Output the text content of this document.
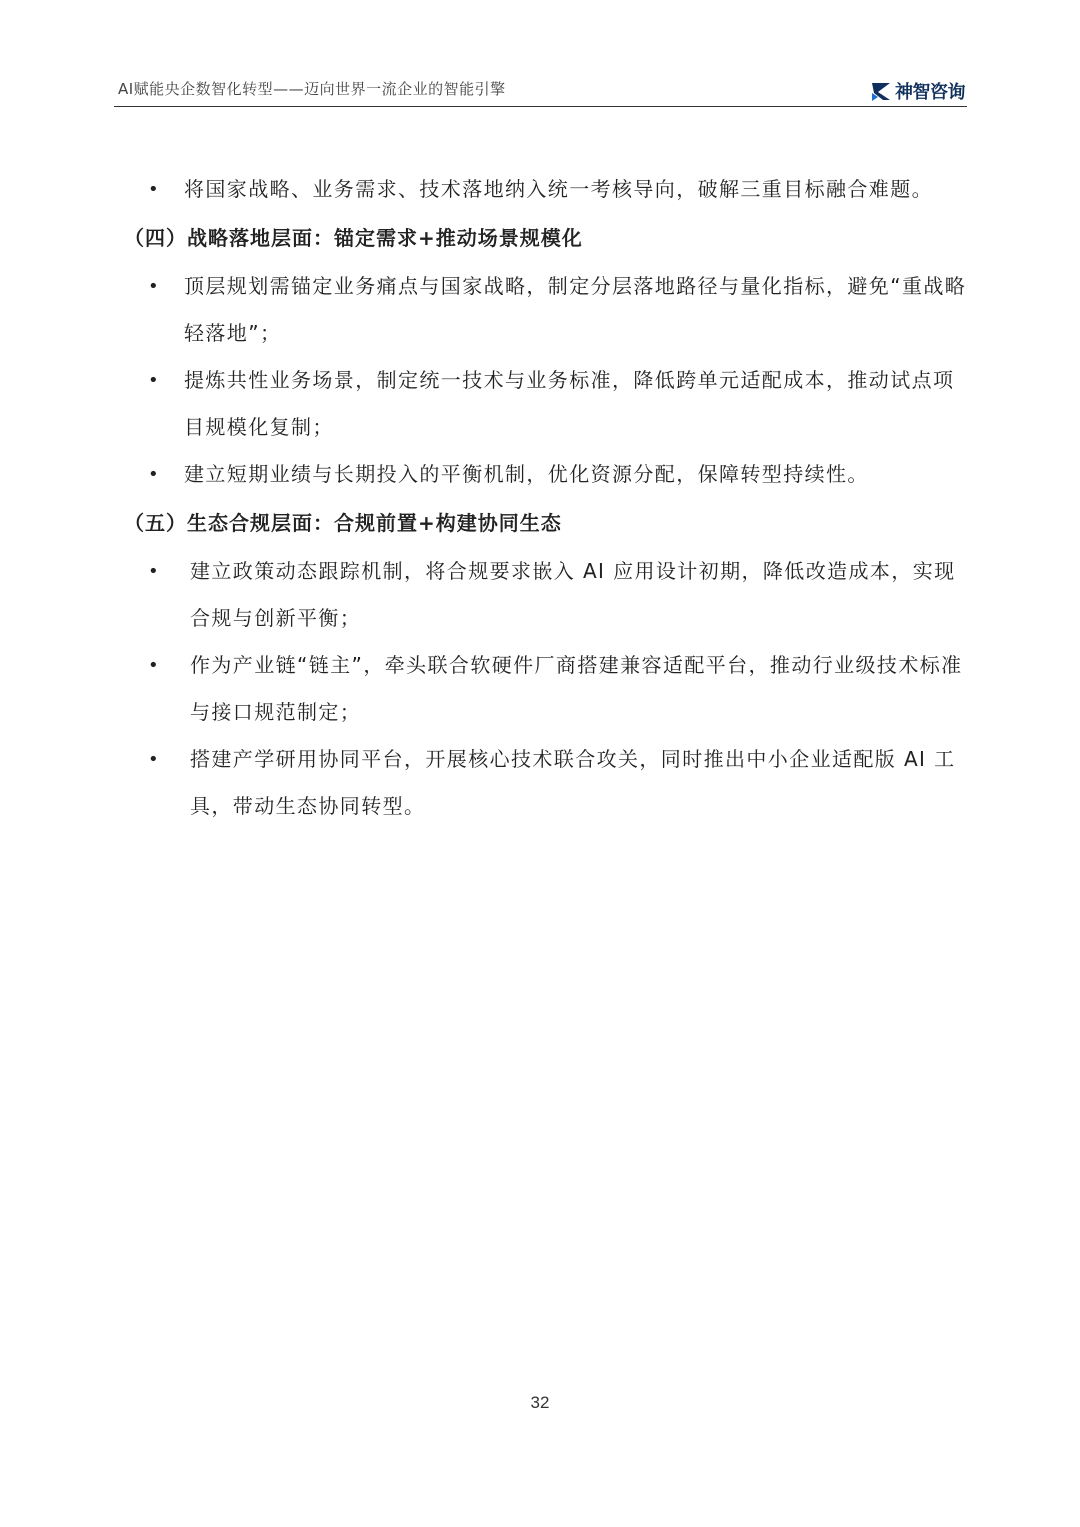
AI赋能央企数智化转型——迈向世界一流企业的智能引擎	神智咨询
• 将国家战略、业务需求、技术落地纳入统一考核导向，破解三重目标融合难题。
（四）战略落地层面：锚定需求+推动场景规模化
• 顶层规划需锚定业务痛点与国家战略，制定分层落地路径与量化指标，避免“重战略轻落地”；
• 提炼共性业务场景，制定统一技术与业务标准，降低跨单元适配成本，推动试点项目规模化复制；
• 建立短期业绩与长期投入的平衡机制，优化资源分配，保障转型持续性。
（五）生态合规层面：合规前置+构建协同生态
• 建立政策动态跟踪机制，将合规要求嵌入 AI 应用设计初期，降低改造成本，实现合规与创新平衡；
• 作为产业链“链主”，牵头联合软硬件厂商搭建兼容适配平台，推动行业级技术标准与接口规范制定；
• 搭建产学研用协同平台，开展核心技术联合攻关，同时推出中小企业适配版 AI 工具，带动生态协同转型。
32
